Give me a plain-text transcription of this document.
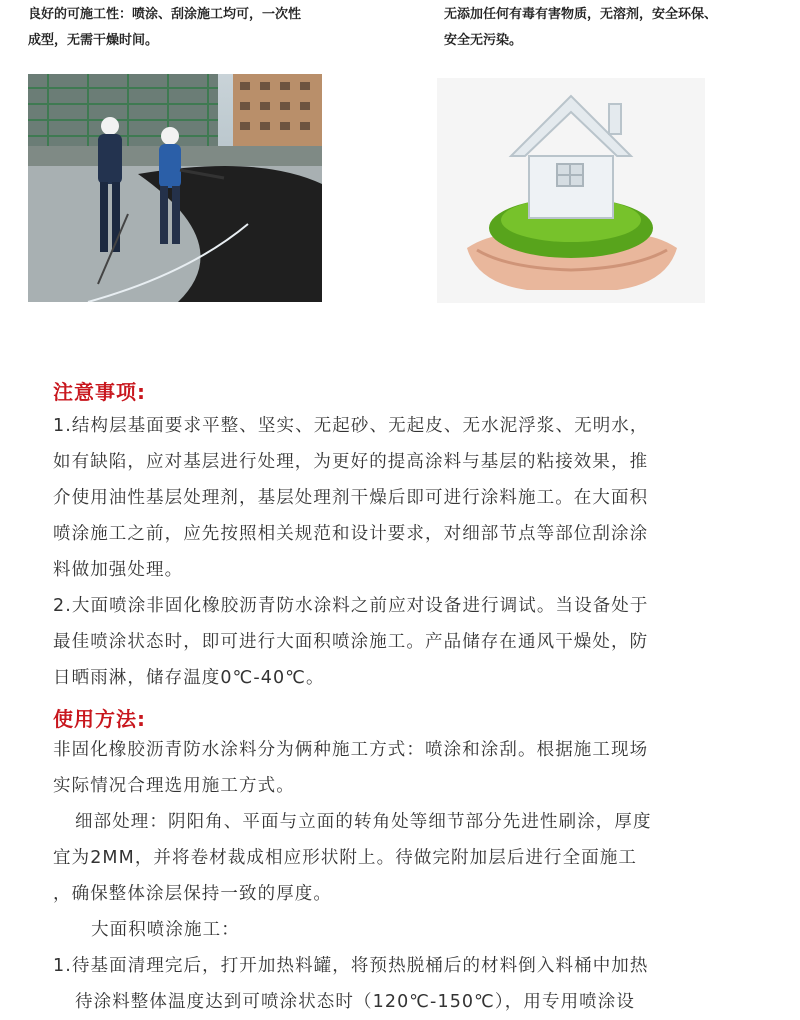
良好的可施工性：喷涂、刮涂施工均可，一次性

成型，无需干燥时间。

无添加任何有毒有害物质，无溶剂，安全环保、

安全无污染。

注意事项:

1.结构层基面要求平整、坚实、无起砂、无起皮、无水泥浮浆、无明水，

如有缺陷，应对基层进行处理，为更好的提高涂料与基层的粘接效果，推

介使用油性基层处理剂，基层处理剂干燥后即可进行涂料施工。在大面积

喷涂施工之前，应先按照相关规范和设计要求，对细部节点等部位刮涂涂

料做加强处理。

2.大面喷涂非固化橡胶沥青防水涂料之前应对设备进行调试。当设备处于

最佳喷涂状态时，即可进行大面积喷涂施工。产品储存在通风干燥处，防

日晒雨淋，储存温度0℃-40℃。

使用方法:

非固化橡胶沥青防水涂料分为俩种施工方式：喷涂和涂刮。根据施工现场

实际情况合理选用施工方式。

细部处理：阴阳角、平面与立面的转角处等细节部分先进性刷涂，厚度

宜为2MM，并将卷材裁成相应形状附上。待做完附加层后进行全面施工

，确保整体涂层保持一致的厚度。

大面积喷涂施工：

1.待基面清理完后，打开加热料罐，将预热脱桶后的材料倒入料桶中加热

待涂料整体温度达到可喷涂状态时（120℃-150℃），用专用喷涂设
